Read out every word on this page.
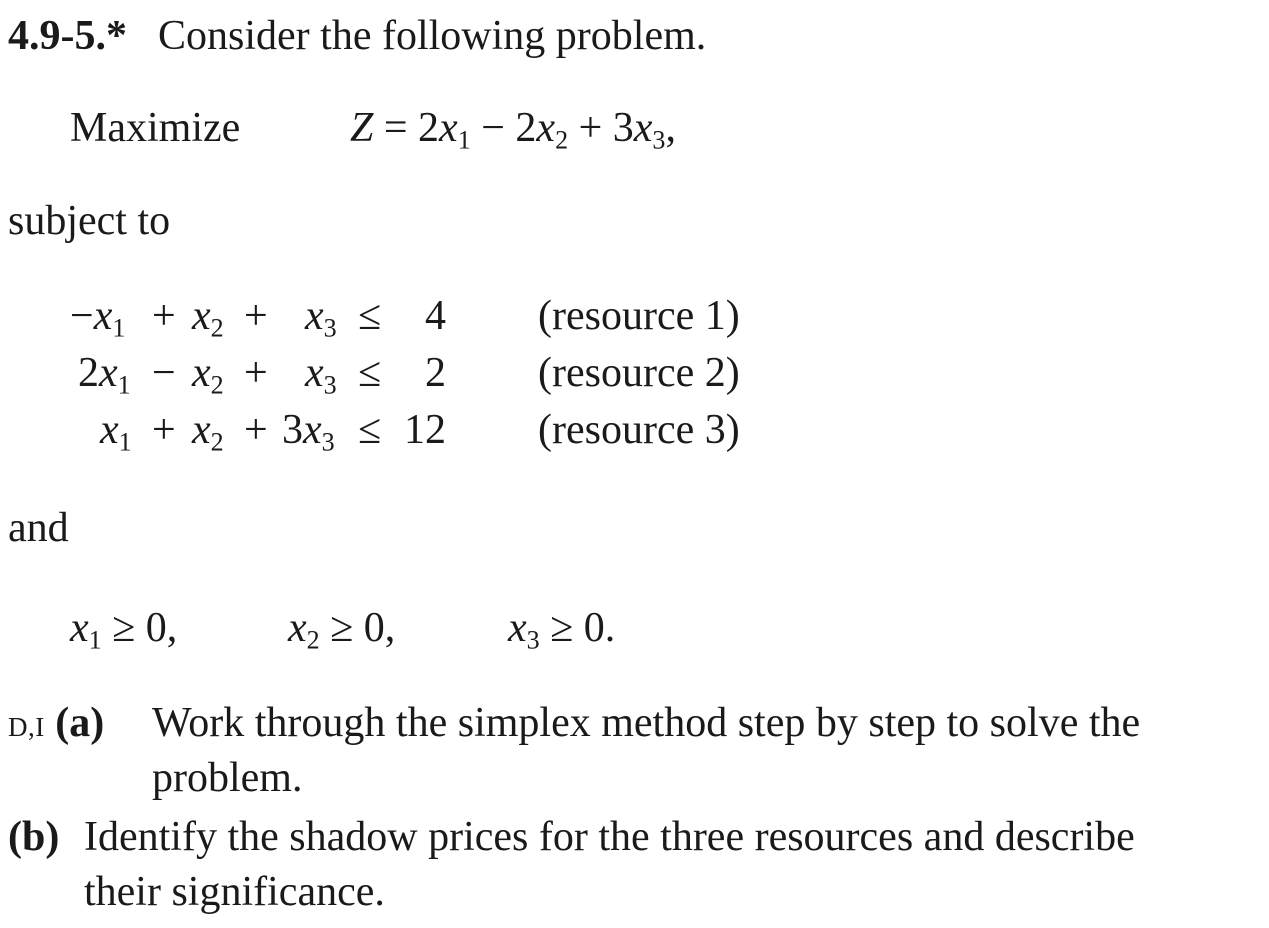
4.9-5.* Consider the following problem.
Maximize	$Z = 2x_1 - 2x_2 + 3x_3$,
subject to
$-x_1 + x_2 + x_3$ ≤	4 (resource 1)
$2x_1 - x_2 + x_3$ ≤	2 (resource 2)
$x_1 + x_2 + 3x_3 \le 12$ (resource 3)
and
$x_1 \ge 0$,	$x_2 \ge 0$,	$x_3 \ge 0$.
D,I (a) Work through the simplex method step by step to solve the
problem.
(b) Identify the shadow prices for the three resources and describe
their significance.
